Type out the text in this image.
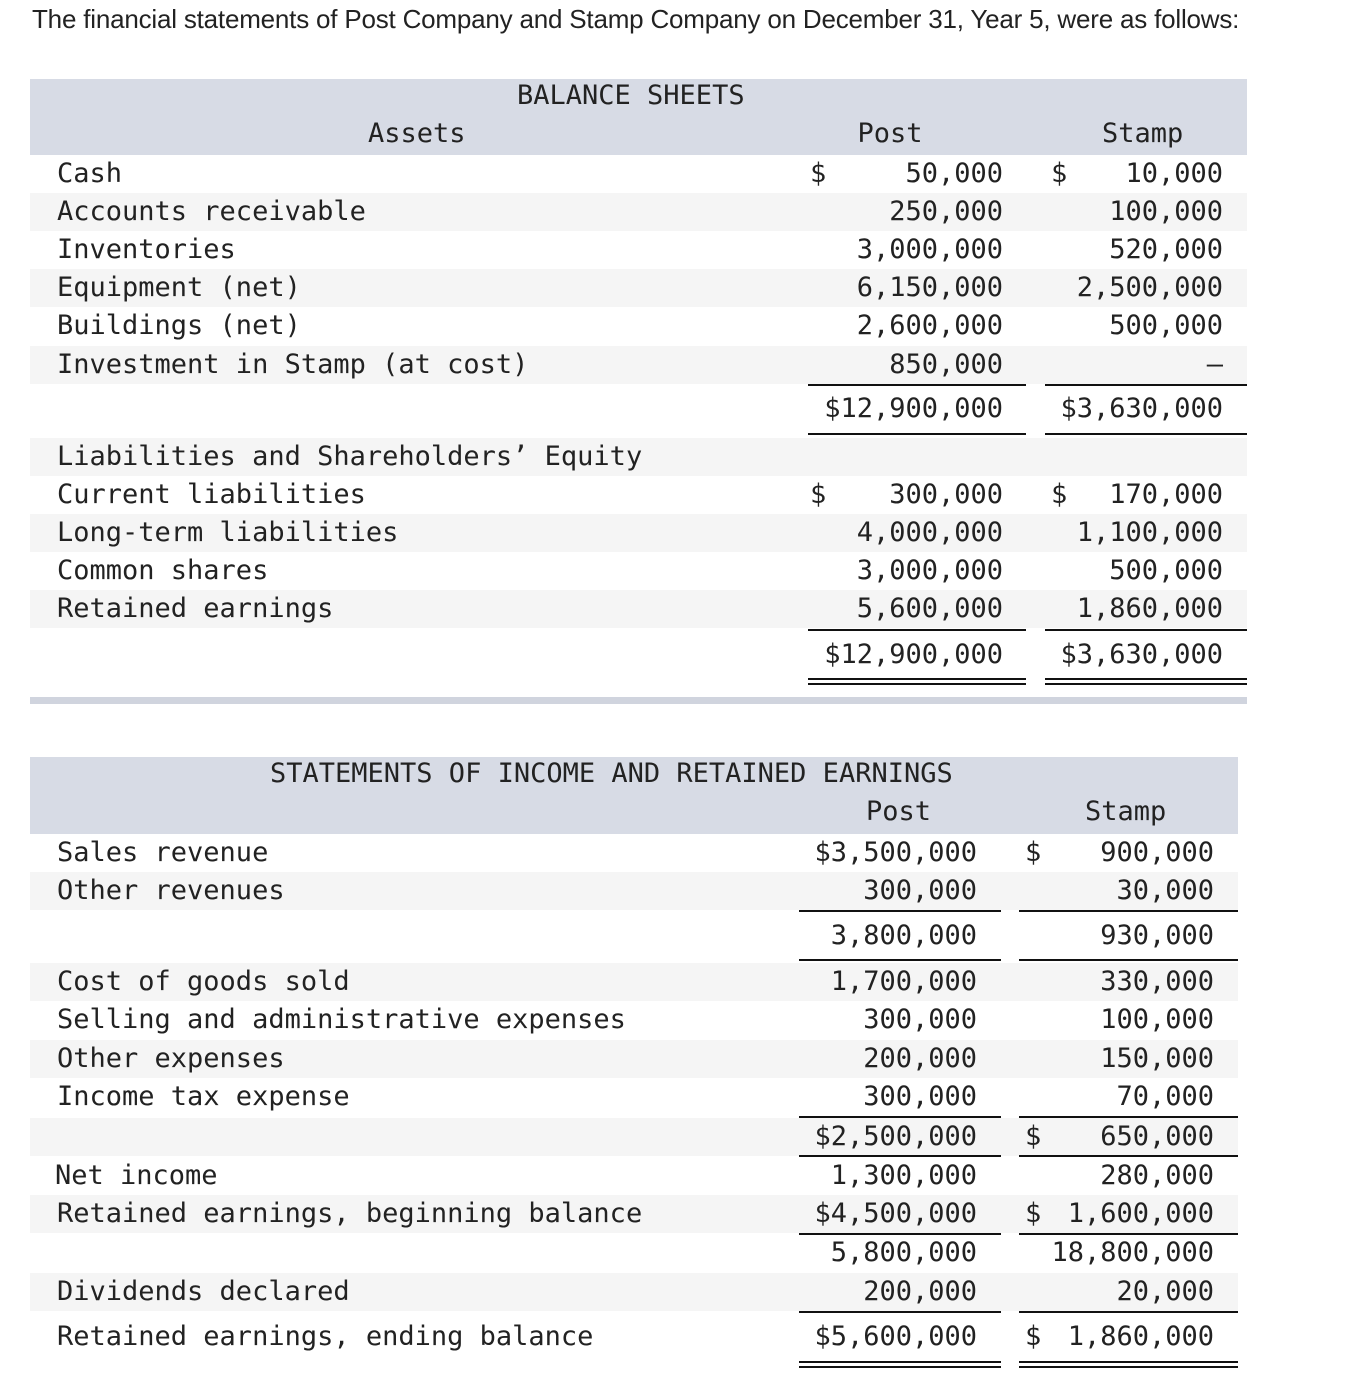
The financial statements of Post Company and Stamp Company on December 31, Year 5, were as follows:
BALANCE SHEETS
Assets	Post	Stamp
Cash	$	50,000 $	10,000
Accounts receivable	250,000	100,000
Inventories	3,000,000	520,000
Equipment (net)	6,150,000	2,500,000
Buildings (net)	2,600,000	500,000
Investment in Stamp (at cost)	850,000	—
$12,900,000	$3,630,000
Liabilities and Shareholders’ Equity
Current liabilities	$	300,000 $	170,000
Long-term liabilities	4,000,000	1,100,000
Common shares	3,000,000	500,000
Retained earnings	5,600,000	1,860,000
$12,900,000	$3,630,000
STATEMENTS OF INCOME AND RETAINED EARNINGS
Post	Stamp
Sales revenue	$3,500,000 $	900,000
Other revenues	300,000	30,000
3,800,000	930,000
Cost of goods sold	1,700,000	330,000
Selling and administrative expenses	300,000	100,000
Other expenses	200,000	150,000
Income tax expense	300,000	70,000
$2,500,000 $	650,000
Net income	1,300,000	280,000
Retained earnings, beginning balance	$4,500,000 $ 1,600,000
5,800,000	18,800,000
Dividends declared	200,000	20,000
Retained earnings, ending balance	$5,600,000 $ 1,860,000
